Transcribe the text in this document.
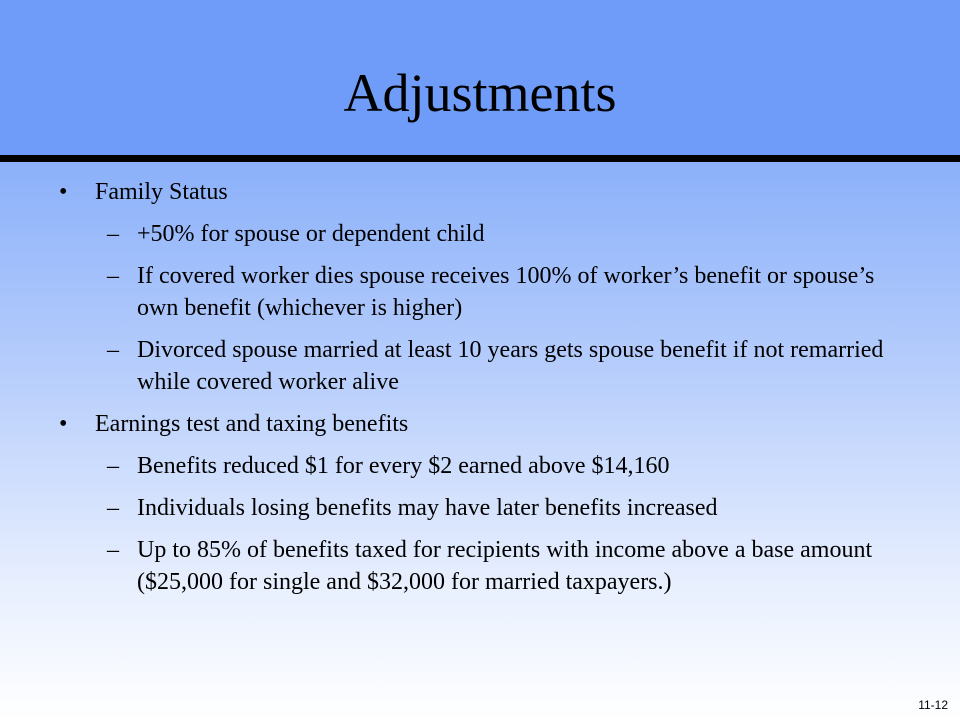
Adjustments
• Family Status
– +50% for spouse or dependent child
– If covered worker dies spouse receives 100% of worker’s benefit or spouse’s own benefit (whichever is higher)
– Divorced spouse married at least 10 years gets spouse benefit if not remarried while covered worker alive
• Earnings test and taxing benefits
– Benefits reduced $1 for every $2 earned above $14,160
– Individuals losing benefits may have later benefits increased
– Up to 85% of benefits taxed for recipients with income above a base amount ($25,000 for single and $32,000 for married taxpayers.)
11-12
